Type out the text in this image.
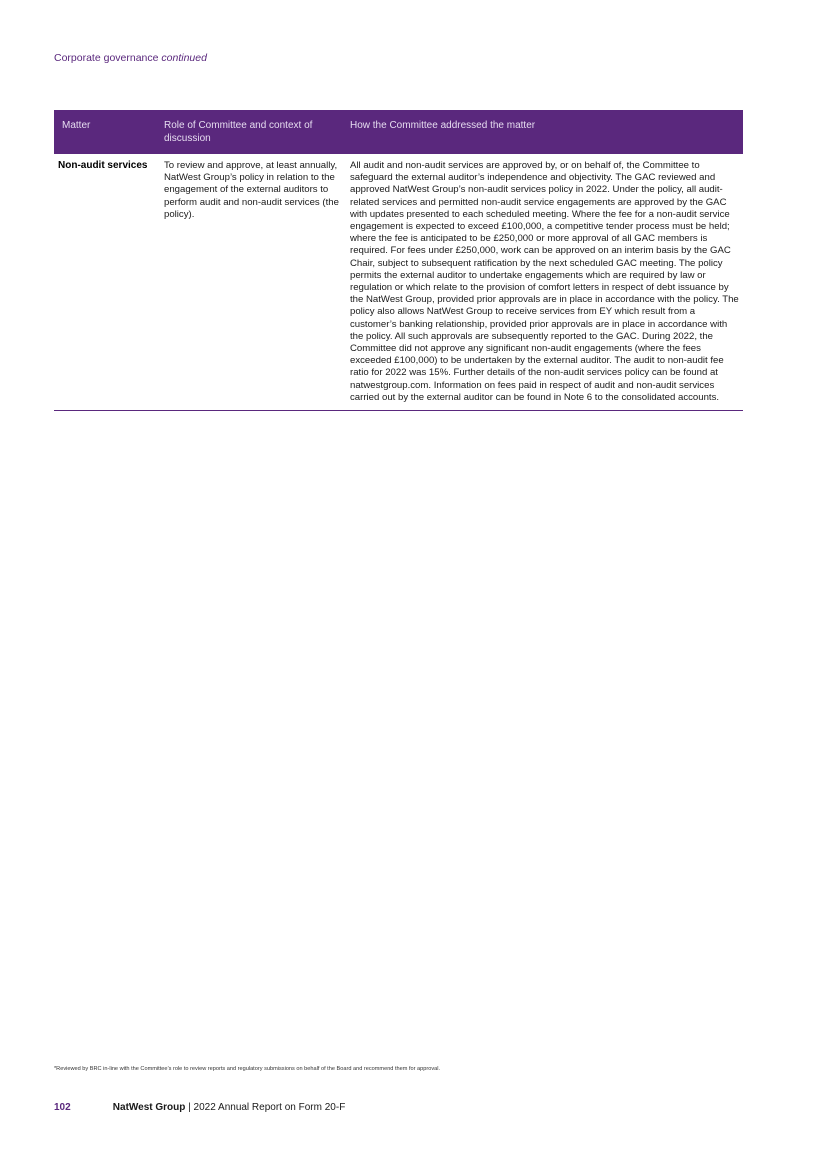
Corporate governance continued
Matter	Role of Committee and context of discussion	How the Committee addressed the matter
Non-audit services	To review and approve, at least annually, NatWest Group’s policy in relation to the engagement of the external auditors to perform audit and non-audit services (the policy).	All audit and non-audit services are approved by, or on behalf of, the Committee to safeguard the external auditor’s independence and objectivity. The GAC reviewed and approved NatWest Group’s non-audit services policy in 2022. Under the policy, all audit-related services and permitted non-audit service engagements are approved by the GAC with updates presented to each scheduled meeting. Where the fee for a non-audit service engagement is expected to exceed £100,000, a competitive tender process must be held; where the fee is anticipated to be £250,000 or more approval of all GAC members is required. For fees under £250,000, work can be approved on an interim basis by the GAC Chair, subject to subsequent ratification by the next scheduled GAC meeting. The policy permits the external auditor to undertake engagements which are required by law or regulation or which relate to the provision of comfort letters in respect of debt issuance by the NatWest Group, provided prior approvals are in place in accordance with the policy. The policy also allows NatWest Group to receive services from EY which result from a customer’s banking relationship, provided prior approvals are in place in accordance with the policy. All such approvals are subsequently reported to the GAC. During 2022, the Committee did not approve any significant non-audit engagements (where the fees exceeded £100,000) to be undertaken by the external auditor. The audit to non-audit fee ratio for 2022 was 15%. Further details of the non-audit services policy can be found at natwestgroup.com. Information on fees paid in respect of audit and non-audit services carried out by the external auditor can be found in Note 6 to the consolidated accounts.
*Reviewed by BRC in-line with the Committee’s role to review reports and regulatory submissions on behalf of the Board and recommend them for approval.
102	NatWest Group | 2022 Annual Report on Form 20-F
